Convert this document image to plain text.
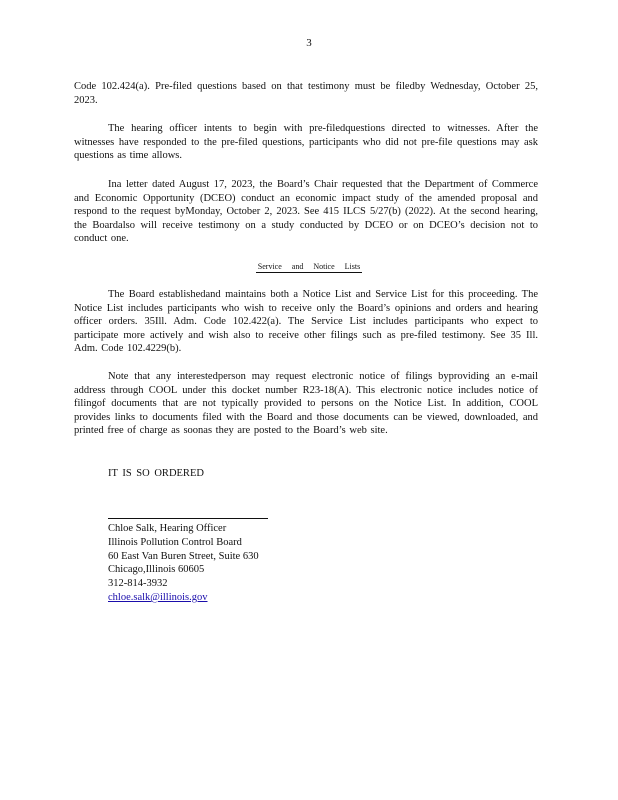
3
Code 102.424(a). Pre-filed questions based on that testimony must be filedby Wednesday, October 25, 2023.
The hearing officer intents to begin with pre-filedquestions directed to witnesses. After the witnesses have responded to the pre-filed questions, participants who did not pre-file questions may ask questions as time allows.
Ina letter dated August 17, 2023, the Board’s Chair requested that the Department of Commerce and Economic Opportunity (DCEO) conduct an economic impact study of the amended proposal and respond to the request byMonday, October 2, 2023. See 415 ILCS 5/27(b) (2022). At the second hearing, the Boardalso will receive testimony on a study conducted by DCEO or on DCEO’s decision not to conduct one.
Service and Notice Lists
The Board establishedand maintains both a Notice List and Service List for this proceeding. The Notice List includes participants who wish to receive only the Board’s opinions and orders and hearing officer orders. 35Ill. Adm. Code 102.422(a). The Service List includes participants who expect to participate more actively and wish also to receive other filings such as pre-filed testimony. See 35 Ill. Adm. Code 102.4229(b).
Note that any interestedperson may request electronic notice of filings byproviding an e-mail address through COOL under this docket number R23-18(A). This electronic notice includes notice of filingof documents that are not typically provided to persons on the Notice List. In addition, COOL provides links to documents filed with the Board and those documents can be viewed, downloaded, and printed free of charge as soonas they are posted to the Board’s web site.
IT IS SO ORDERED
Chloe Salk, Hearing Officer
Illinois Pollution Control Board
60 East Van Buren Street, Suite 630
Chicago,Illinois 60605
312-814-3932
chloe.salk@illinois.gov
